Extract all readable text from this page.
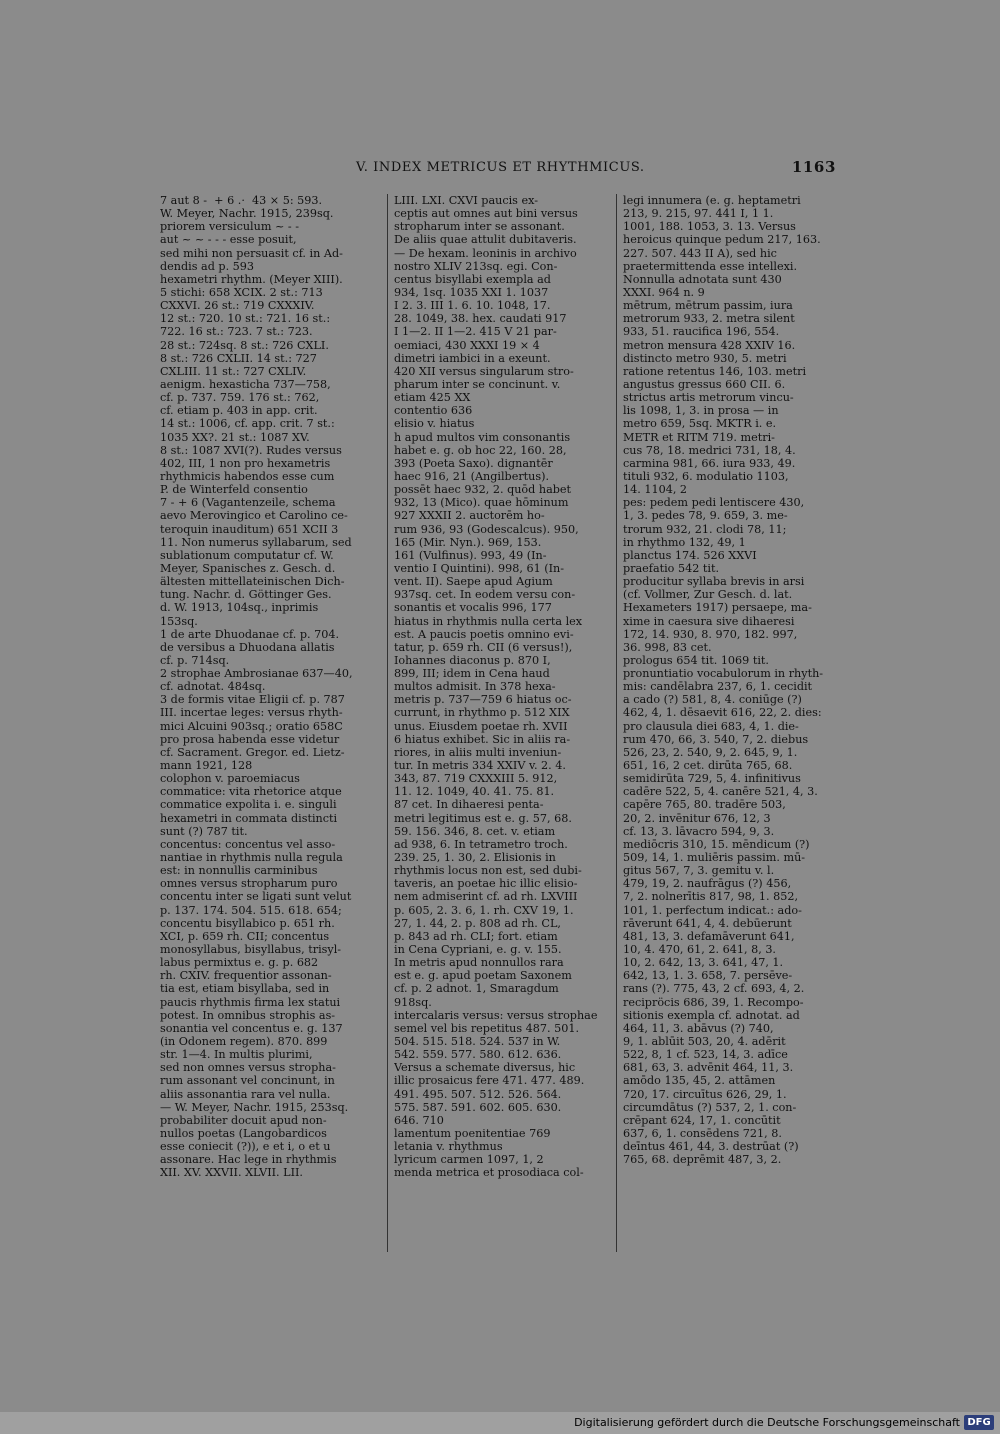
V. INDEX METRICUS ET RHYTHMICUS.	1163
7 aut 8 -  + 6 .·  43 × 5: 593.
W. Meyer, Nachr. 1915, 239sq.
priorem versiculum ~ - -
aut ~ ~ - - - esse posuit,
sed mihi non persuasit cf. in Ad-
dendis ad p. 593
hexametri rhythm. (Meyer XIII).
5 stichi: 658 XCIX. 2 st.: 713
CXXVI. 26 st.: 719 CXXXIV.
12 st.: 720. 10 st.: 721. 16 st.:
722. 16 st.: 723. 7 st.: 723.
28 st.: 724sq. 8 st.: 726 CXLI.
8 st.: 726 CXLII. 14 st.: 727
CXLIII. 11 st.: 727 CXLIV.
aenigm. hexasticha 737—758,
cf. p. 737. 759. 176 st.: 762,
cf. etiam p. 403 in app. crit.
14 st.: 1006, cf. app. crit. 7 st.:
1035 XX?. 21 st.: 1087 XV.
8 st.: 1087 XVI(?). Rudes versus
402, III, 1 non pro hexametris
rhythmicis habendos esse cum
P. de Winterfeld consentio
7 - + 6 (Vagantenzeile, schema
aevo Merovingico et Carolino ce-
teroquin inauditum) 651 XCII 3
11. Non numerus syllabarum, sed
sublationum computatur cf. W.
Meyer, Spanisches z. Gesch. d.
ältesten mittellateinischen Dich-
tung. Nachr. d. Göttinger Ges.
d. W. 1913, 104sq., inprimis
153sq.
1 de arte Dhuodanae cf. p. 704.
de versibus a Dhuodana allatis
cf. p. 714sq.
2 strophae Ambrosianae 637—40,
cf. adnotat. 484sq.
3 de formis vitae Eligii cf. p. 787
III. incertae leges: versus rhyth-
mici Alcuini 903sq.; oratio 658C
pro prosa habenda esse videtur
cf. Sacrament. Gregor. ed. Lietz-
mann 1921, 128
colophon v. paroemiacus
commatice: vita rhetorice atque
commatice expolita i. e. singuli
hexametri in commata distincti
sunt (?) 787 tit.
concentus: concentus vel asso-
nantiae in rhythmis nulla regula
est: in nonnullis carminibus
omnes versus stropharum puro
concentu inter se ligati sunt velut
p. 137. 174. 504. 515. 618. 654;
concentu bisyllabico p. 651 rh.
XCI, p. 659 rh. CII; concentus
monosyllabus, bisyllabus, trisyl-
labus permixtus e. g. p. 682
rh. CXIV. frequentior assonan-
tia est, etiam bisyllaba, sed in
paucis rhythmis firma lex statui
potest. In omnibus strophis as-
sonantia vel concentus e. g. 137
(in Odonem regem). 870. 899
str. 1—4. In multis plurimi,
sed non omnes versus stropha-
rum assonant vel concinunt, in
aliis assonantia rara vel nulla.
— W. Meyer, Nachr. 1915, 253sq.
probabiliter docuit apud non-
nullos poetas (Langobardicos
esse coniecit (?)), e et i, o et u
assonare. Hac lege in rhythmis
XII. XV. XXVII. XLVII. LII.
LIII. LXI. CXVI paucis ex-
ceptis aut omnes aut bini versus
stropharum inter se assonant.
De aliis quae attulit dubitaveris.
— De hexam. leoninis in archivo
nostro XLIV 213sq. egi. Con-
centus bisyllabi exempla ad
934, 1sq. 1035 XXI 1. 1037
I 2. 3. III 1. 6. 10. 1048, 17.
28. 1049, 38. hex. caudati 917
I 1—2. II 1—2. 415 V 21 par-
oemiaci, 430 XXXI 19 × 4
dimetri iambici in a exeunt.
420 XII versus singularum stro-
pharum inter se concinunt. v.
etiam 425 XX
contentio 636
elisio v. hiatus
h apud multos vim consonantis
habet e. g. ob hoc 22, 160. 28,
393 (Poeta Saxo). dignantēr
haec 916, 21 (Angilbertus).
possēt haec 932, 2. quōd habet
932, 13 (Mico). quae hōminum
927 XXXII 2. auctorēm ho-
rum 936, 93 (Godescalcus). 950,
165 (Mir. Nyn.). 969, 153.
161 (Vulfinus). 993, 49 (In-
ventio I Quintini). 998, 61 (In-
vent. II). Saepe apud Agium
937sq. cet. In eodem versu con-
sonantis et vocalis 996, 177
hiatus in rhythmis nulla certa lex
est. A paucis poetis omnino evi-
tatur, p. 659 rh. CII (6 versus!),
Iohannes diaconus p. 870 I,
899, III; idem in Cena haud
multos admisit. In 378 hexa-
metris p. 737—759 6 hiatus oc-
currunt, in rhythmo p. 512 XIX
unus. Eiusdem poetae rh. XVII
6 hiatus exhibet. Sic in aliis ra-
riores, in aliis multi inveniun-
tur. In metris 334 XXIV v. 2. 4.
343, 87. 719 CXXXIII 5. 912,
11. 12. 1049, 40. 41. 75. 81.
87 cet. In dihaeresi penta-
metri legitimus est e. g. 57, 68.
59. 156. 346, 8. cet. v. etiam
ad 938, 6. In tetrametro troch.
239. 25, 1. 30, 2. Elisionis in
rhythmis locus non est, sed dubi-
taveris, an poetae hic illic elisio-
nem admiserint cf. ad rh. LXVIII
p. 605, 2. 3. 6, 1. rh. CXV 19, 1.
27, 1. 44, 2. p. 808 ad rh. CL,
p. 843 ad rh. CLI; fort. etiam
in Cena Cypriani, e. g. v. 155.
In metris apud nonnullos rara
est e. g. apud poetam Saxonem
cf. p. 2 adnot. 1, Smaragdum
918sq.
intercalaris versus: versus strophae
semel vel bis repetitus 487. 501.
504. 515. 518. 524. 537 in W.
542. 559. 577. 580. 612. 636.
Versus a schemate diversus, hic
illic prosaicus fere 471. 477. 489.
491. 495. 507. 512. 526. 564.
575. 587. 591. 602. 605. 630.
646. 710
lamentum poenitentiae 769
letania v. rhythmus
lyricum carmen 1097, 1, 2
menda metrica et prosodiaca col-
legi innumera (e. g. heptametri
213, 9. 215, 97. 441 I, 1 1.
1001, 188. 1053, 3. 13. Versus
heroicus quinque pedum 217, 163.
227. 507. 443 II A), sed hic
praetermittenda esse intellexi.
Nonnulla adnotata sunt 430
XXXI. 964 n. 9
mētrum, mētrum passim, iura
metrorum 933, 2. metra silent
933, 51. raucifica 196, 554.
metron mensura 428 XXIV 16.
distincto metro 930, 5. metri
ratione retentus 146, 103. metri
angustus gressus 660 CII. 6.
strictus artis metrorum vincu-
lis 1098, 1, 3. in prosa — in
metro 659, 5sq. MKTR i. e.
METR et RITM 719. metri-
cus 78, 18. medrici 731, 18, 4.
carmina 981, 66. iura 933, 49.
tituli 932, 6. modulatio 1103,
14. 1104, 2
pes: pedem pedi lentiscere 430,
1, 3. pedes 78, 9. 659, 3. me-
trorum 932, 21. clodi 78, 11;
in rhythmo 132, 49, 1
planctus 174. 526 XXVI
praefatio 542 tit.
producitur syllaba brevis in arsi
(cf. Vollmer, Zur Gesch. d. lat.
Hexameters 1917) persaepe, ma-
xime in caesura sive dihaeresi
172, 14. 930, 8. 970, 182. 997,
36. 998, 83 cet.
prologus 654 tit. 1069 tit.
pronuntiatio vocabulorum in rhyth-
mis: candēlabra 237, 6, 1. cecidit
a cado (?) 581, 8, 4. coniūge (?)
462, 4, 1. dēsaevit 616, 22, 2. dies:
pro clausula diei 683, 4, 1. die-
rum 470, 66, 3. 540, 7, 2. diebus
526, 23, 2. 540, 9, 2. 645, 9, 1.
651, 16, 2 cet. dirūta 765, 68.
semidirūta 729, 5, 4. infinitivus
cadēre 522, 5, 4. canēre 521, 4, 3.
capēre 765, 80. tradēre 503,
20, 2. invēnitur 676, 12, 3
cf. 13, 3. lāvacro 594, 9, 3.
mediōcris 310, 15. mēndicum (?)
509, 14, 1. muliēris passim. mū-
gitus 567, 7, 3. gemitu v. l.
479, 19, 2. naufrāgus (?) 456,
7, 2. nolnerītis 817, 98, 1. 852,
101, 1. perfectum indicat.: ado-
rāverunt 641, 4, 4. debūerunt
481, 13, 3. defamāverunt 641,
10, 4. 470, 61, 2. 641, 8, 3.
10, 2. 642, 13, 3. 641, 47, 1.
642, 13, 1. 3. 658, 7. persēve-
rans (?). 775, 43, 2 cf. 693, 4, 2.
recipröcis 686, 39, 1. Recompo-
sitionis exempla cf. adnotat. ad
464, 11, 3. abāvus (?) 740,
9, 1. ablūit 503, 20, 4. adērit
522, 8, 1 cf. 523, 14, 3. adīce
681, 63, 3. advēnit 464, 11, 3.
amōdo 135, 45, 2. attāmen
720, 17. circuītus 626, 29, 1.
circumdātus (?) 537, 2, 1. con-
crēpant 624, 17, 1. concūtit
637, 6, 1. consēdens 721, 8.
deīntus 461, 44, 3. destrūat (?)
765, 68. deprēmit 487, 3, 2.
Digitalisierung gefördert durch die Deutsche Forschungsgemeinschaft DFG
